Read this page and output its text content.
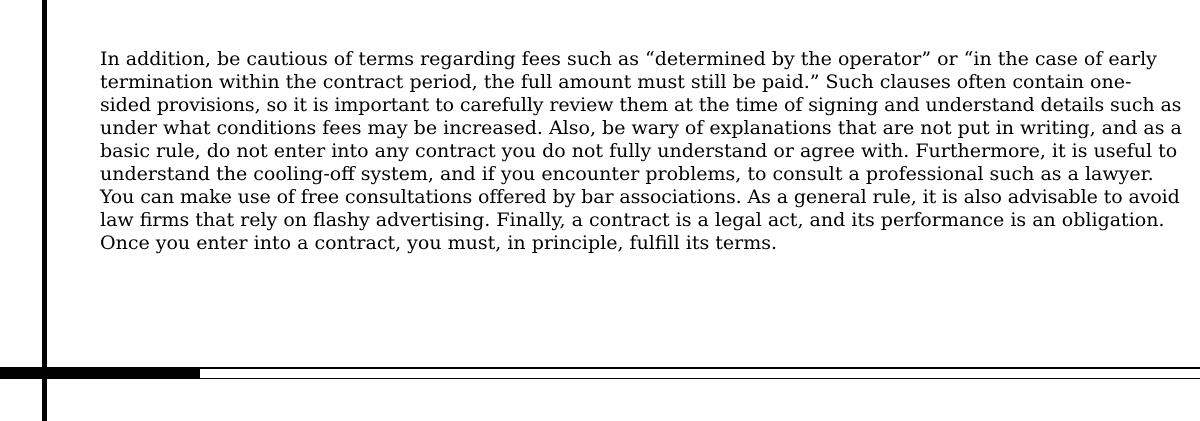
In addition, be cautious of terms regarding fees such as “determined by the operator” or “in the case of early
termination within the contract period, the full amount must still be paid.” Such clauses often contain one-
sided provisions, so it is important to carefully review them at the time of signing and understand details such as
under what conditions fees may be increased. Also, be wary of explanations that are not put in writing, and as a
basic rule, do not enter into any contract you do not fully understand or agree with. Furthermore, it is useful to
understand the cooling-off system, and if you encounter problems, to consult a professional such as a lawyer.
You can make use of free consultations offered by bar associations. As a general rule, it is also advisable to avoid
law firms that rely on flashy advertising. Finally, a contract is a legal act, and its performance is an obligation.
Once you enter into a contract, you must, in principle, fulfill its terms.
